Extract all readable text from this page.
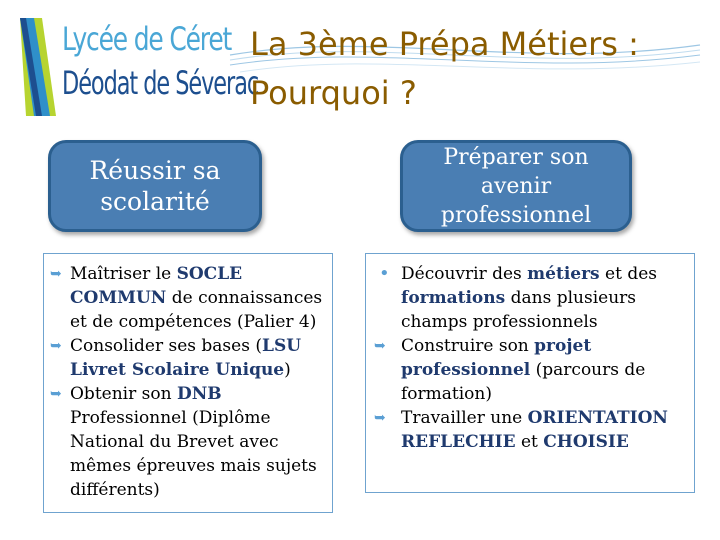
Lycée de Céret
Déodat de Séverac
La 3ème Prépa Métiers :
Pourquoi ?
Réussir sa scolarité
Préparer son avenir professionnel

➥ Maîtriser le SOCLE COMMUN de connaissances et de compétences (Palier 4)

➥ Consolider ses bases (LSU Livret Scolaire Unique)

➥ Obtenir son DNB Professionnel (Diplôme National du Brevet avec mêmes épreuves mais sujets différents)

• Découvrir des métiers et des formations dans plusieurs champs professionnels

➥ Construire son projet professionnel (parcours de formation)

➥ Travailler une ORIENTATION REFLECHIE et CHOISIE
